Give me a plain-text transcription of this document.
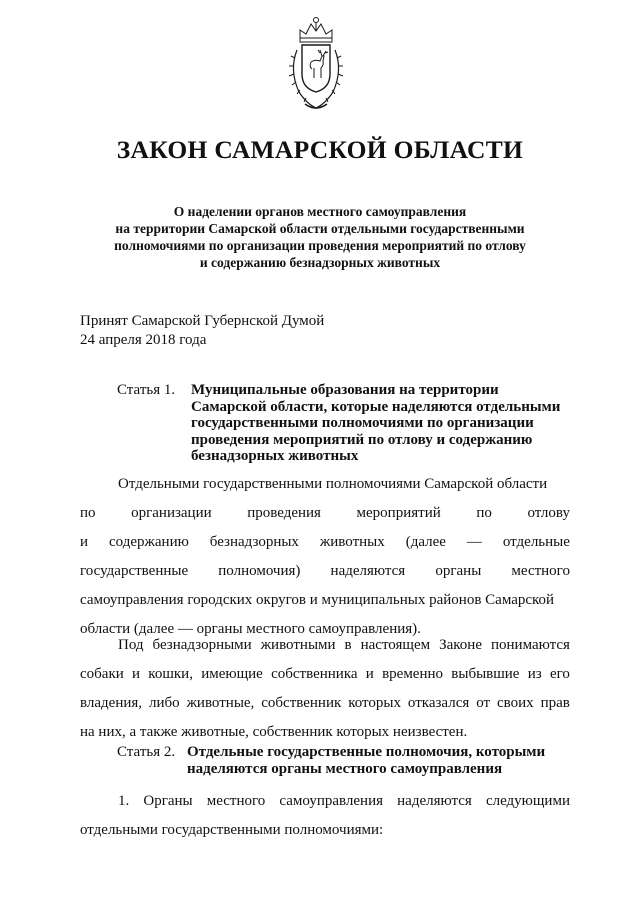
ЗАКОН САМАРСКОЙ ОБЛАСТИ
О наделении органов местного самоуправления
на территории Самарской области отдельными государственными
полномочиями по организации проведения мероприятий по отлову
и содержанию безнадзорных животных
Принят Самарской Губернской Думой
24 апреля 2018 года
Статья 1. Муниципальные образования на территории
Самарской области, которые наделяются отдельными
государственными полномочиями по организации
проведения мероприятий по отлову и содержанию
безнадзорных животных
Отдельными государственными полномочиями Самарской области
по организации проведения мероприятий по отлову
и содержанию безнадзорных животных (далее — отдельные
государственные полномочия) наделяются органы местного
самоуправления городских округов и муниципальных районов Самарской
области (далее — органы местного самоуправления).
Под безнадзорными животными в настоящем Законе понимаются
собаки и кошки, имеющие собственника и временно выбывшие из его
владения, либо животные, собственник которых отказался от своих прав
на них, а также животные, собственник которых неизвестен.
Статья 2. Отдельные государственные полномочия, которыми
наделяются органы местного самоуправления
1. Органы местного самоуправления наделяются следующими
отдельными государственными полномочиями:
